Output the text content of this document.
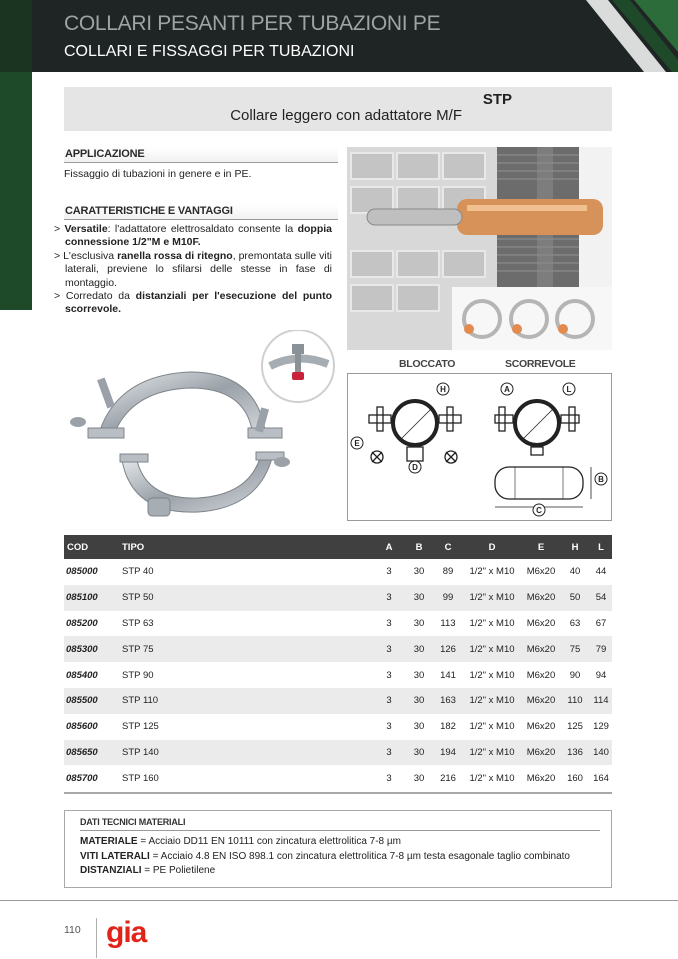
COLLARI PESANTI PER TUBAZIONI PE
COLLARI E FISSAGGI PER TUBAZIONI
STP
Collare leggero con adattatore M/F
APPLICAZIONE
Fissaggio di tubazioni in genere e in PE.
CARATTERISTICHE E VANTAGGI
> Versatile: l'adattatore elettrosaldato consente la doppia connessione 1/2"M e M10F.
> L'esclusiva ranella rossa di ritegno, premontata sulle viti laterali, previene lo sfilarsi delle stesse in fase di montaggio.
> Corredato da distanziali per l'esecuzione del punto scorrevole.
BLOCCATO	SCORREVOLE
H
E
D
A	L
B
C
COD	TIPO	A	B	C	D	E	H	L
085000	STP 40	3	30	89	1/2" x M10	M6x20	40	44
085100	STP 50	3	30	99	1/2" x M10	M6x20	50	54
085200	STP 63	3	30	113	1/2" x M10	M6x20	63	67
085300	STP 75	3	30	126	1/2" x M10	M6x20	75	79
085400	STP 90	3	30	141	1/2" x M10	M6x20	90	94
085500	STP 110	3	30	163	1/2" x M10	M6x20	110	114
085600	STP 125	3	30	182	1/2" x M10	M6x20	125	129
085650	STP 140	3	30	194	1/2" x M10	M6x20	136	140
085700	STP 160	3	30	216	1/2" x M10	M6x20	160	164
DATI TECNICI MATERIALI
MATERIALE = Acciaio DD11 EN 10111 con zincatura elettrolitica 7-8 µm
VITI LATERALI = Acciaio 4.8 EN ISO 898.1 con zincatura elettrolitica 7-8 µm testa esagonale taglio combinato
DISTANZIALI = PE Polietilene
110 gia
